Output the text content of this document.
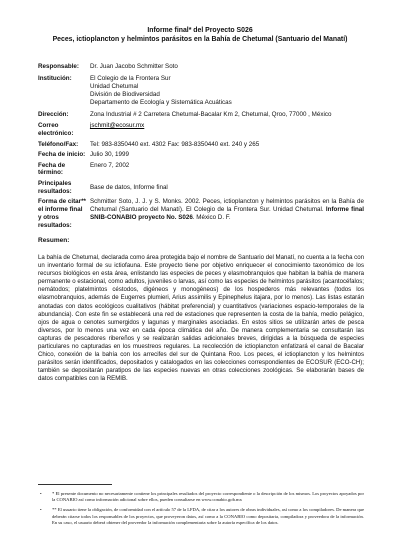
Informe final* del Proyecto S026
Peces, ictioplancton y helmintos parásitos en la Bahía de Chetumal (Santuario del Manatí)
Responsable:	Dr. Juan Jacobo Schmitter Soto
Institución:	El Colegio de la Frontera Sur
Unidad Chetumal
División de Biodiversidad
Departamento de Ecología y Sistemática Acuáticas

Dirección:	Zona Industrial # 2 Carretera Chetumal-Bacalar Km 2, Chetumal, Qroo, 77000 , México
Correo electrónico:	jschmit@ecosur.mx
Teléfono/Fax:	Tel: 983-8350440 ext. 4302 Fax: 983-8350440 ext. 240 y 265
Fecha de inicio:	Julio 30, 1999
Fecha de término:	Enero 7, 2002
Principales resultados:	Base de datos, Informe final
Forma de citar** el informe final y otros resultados:	Schmitter Soto, J. J. y S. Monks. 2002. Peces, ictioplancton y helmintos parásitos en la Bahía de Chetumal (Santuario del Manatí). El Colegio de la Frontera Sur. Unidad Chetumal. Informe final SNIB-CONABIO proyecto No. S026. México D. F.
Resumen:
La bahía de Chetumal, declarada como área protegida bajo el nombre de Santuario del Manatí, no cuenta a la fecha con un inventario formal de su ictiofauna. Este proyecto tiene por objetivo enriquecer el conocimiento taxonómico de los recursos biológicos en esta área, enlistando las especies de peces y elasmobranquios que habitan la bahía de manera permanente o estacional, como adultos, juveniles o larvas, así como las especies de helmintos parásitos (acantocéfalos; nemátodos; platelmintos céstodos, digéneos y monogéneos) de los hospederos más relevantes (todos los elasmobranquios, además de Eugerres plumieri, Arius assimilis y Epinephelus itajara, por lo menos). Las listas estarán anotadas con datos ecológicos cualitativos (hábitat preferencial) y cuantitativos (variaciones espacio-temporales de la abundancia). Con este fin se establecerá una red de estaciones que representen la costa de la bahía, medio pelágico, ojos de agua o cenotes sumergidos y lagunas y marginales asociadas. En estos sitios se utilizarán artes de pesca diversos, por lo menos una vez en cada época climática del año. De manera complementaria se consultarán las capturas de pescadores ribereños y se realizarán salidas adicionales breves, dirigidas a la búsqueda de especies particulares no capturadas en los muestreos regulares. La recolección de ictioplancton enfatizará el canal de Bacalar Chico, conexión de la bahía con los arrecifes del sur de Quintana Roo. Los peces, el ictioplancton y los helmintos parásitos serán identificados, depositados y catalogados en las colecciones correspondientes de ECOSUR (ECO-CH); también se depositarán paratipos de las especies nuevas en otras colecciones zoológicas. Se elaborarán bases de datos compatibles con la REMIB.
•	* El presente documento no necesariamente contiene los principales resultados del proyecto correspondiente o la descripción de los mismos. Los proyectos apoyados por la CONABIO así como información adicional sobre ellos, pueden consultarse en www.conabio.gob.mx
•	** El usuario tiene la obligación, de conformidad con el artículo 57 de la LFDA, de citar a los autores de obras individuales, así como a los compiladores. De manera que deberán citarse todos los responsables de los proyectos, que proveyeron datos, así como a la CONABIO como depositaria, compiladora y proveedora de la información. En su caso, el usuario deberá obtener del proveedor la información complementaria sobre la autoría específica de los datos.
